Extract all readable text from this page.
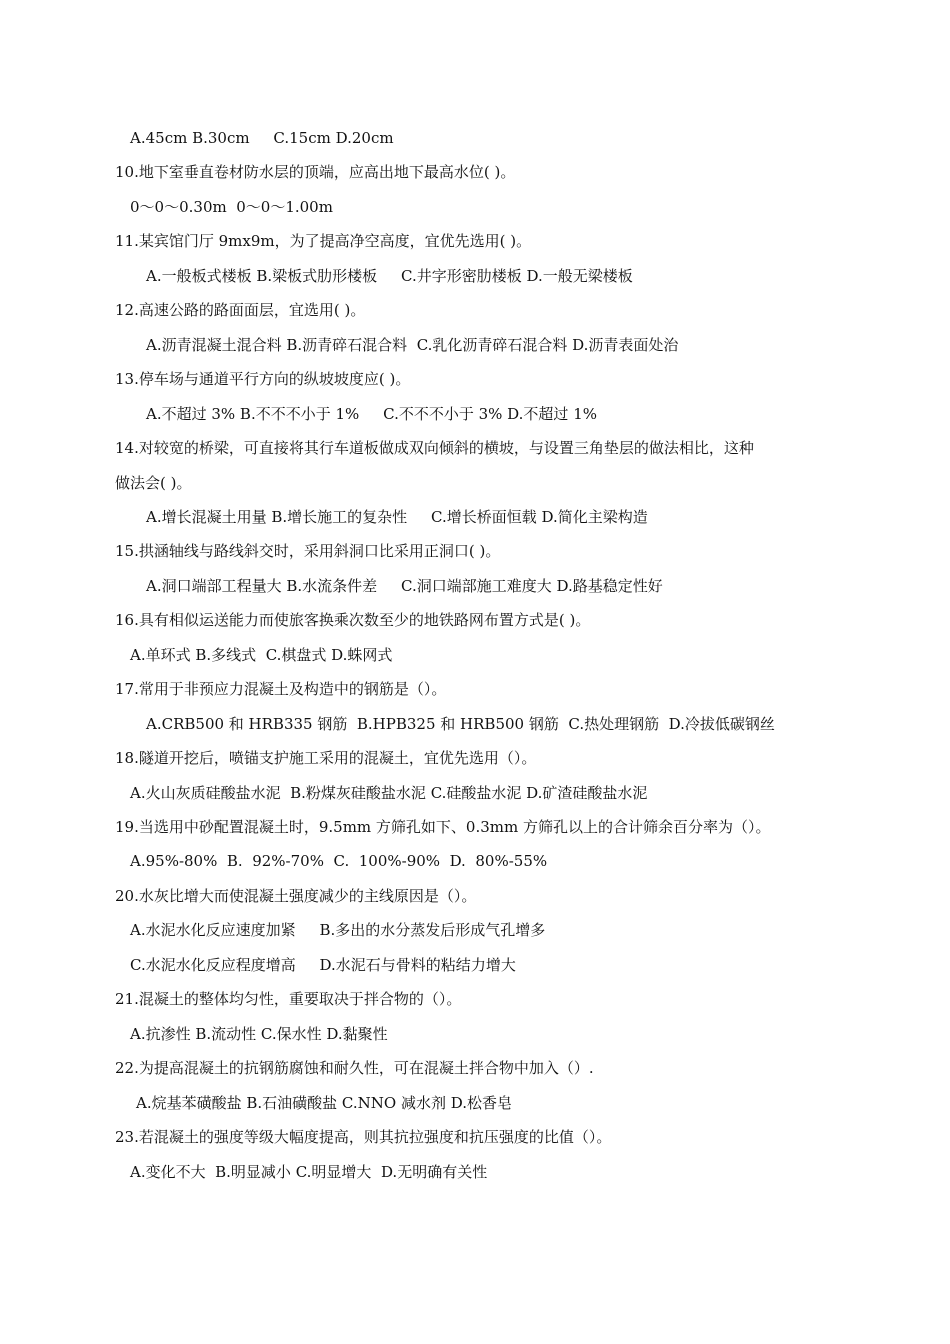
A.45cm B.30cm     C.15cm D.20cm
10.地下室垂直卷材防水层的顶端，应高出地下最高水位( )。
0～0～0.30m  0～0～1.00m
11.某宾馆门厅 9mx9m，为了提高净空高度，宜优先选用( )。
A.一般板式楼板 B.梁板式肋形楼板     C.井字形密肋楼板 D.一般无梁楼板
12.高速公路的路面面层，宜选用( )。
A.沥青混凝土混合料 B.沥青碎石混合料  C.乳化沥青碎石混合料 D.沥青表面处治
13.停车场与通道平行方向的纵坡坡度应( )。
A.不超过 3% B.不不不小于 1%     C.不不不小于 3% D.不超过 1%
14.对较宽的桥梁，可直接将其行车道板做成双向倾斜的横坡，与设置三角垫层的做法相比，这种
做法会( )。
A.增长混凝土用量 B.增长施工的复杂性     C.增长桥面恒载 D.简化主梁构造
15.拱涵轴线与路线斜交时，采用斜洞口比采用正洞口( )。
A.洞口端部工程量大 B.水流条件差     C.洞口端部施工难度大 D.路基稳定性好
16.具有相似运送能力而使旅客换乘次数至少的地铁路网布置方式是( )。
A.单环式 B.多线式  C.棋盘式 D.蛛网式
17.常用于非预应力混凝土及构造中的钢筋是（）。
A.CRB500 和 HRB335 钢筋  B.HPB325 和 HRB500 钢筋  C.热处理钢筋  D.冷拔低碳钢丝
18.隧道开挖后，喷锚支护施工采用的混凝土，宜优先选用（）。
A.火山灰质硅酸盐水泥  B.粉煤灰硅酸盐水泥 C.硅酸盐水泥 D.矿渣硅酸盐水泥
19.当选用中砂配置混凝土时，9.5mm 方筛孔如下、0.3mm 方筛孔以上的合计筛余百分率为（）。
A.95%-80%  B.  92%-70%  C.  100%-90%  D.  80%-55%
20.水灰比增大而使混凝土强度减少的主线原因是（）。
A.水泥水化反应速度加紧     B.多出的水分蒸发后形成气孔增多
C.水泥水化反应程度增高     D.水泥石与骨料的粘结力增大
21.混凝土的整体均匀性，重要取决于拌合物的（）。
A.抗渗性 B.流动性 C.保水性 D.黏聚性
22.为提高混凝土的抗钢筋腐蚀和耐久性，可在混凝土拌合物中加入（）.
A.烷基苯磺酸盐 B.石油磺酸盐 C.NNO 减水剂 D.松香皂
23.若混凝土的强度等级大幅度提高，则其抗拉强度和抗压强度的比值（）。
A.变化不大  B.明显减小 C.明显增大  D.无明确有关性
